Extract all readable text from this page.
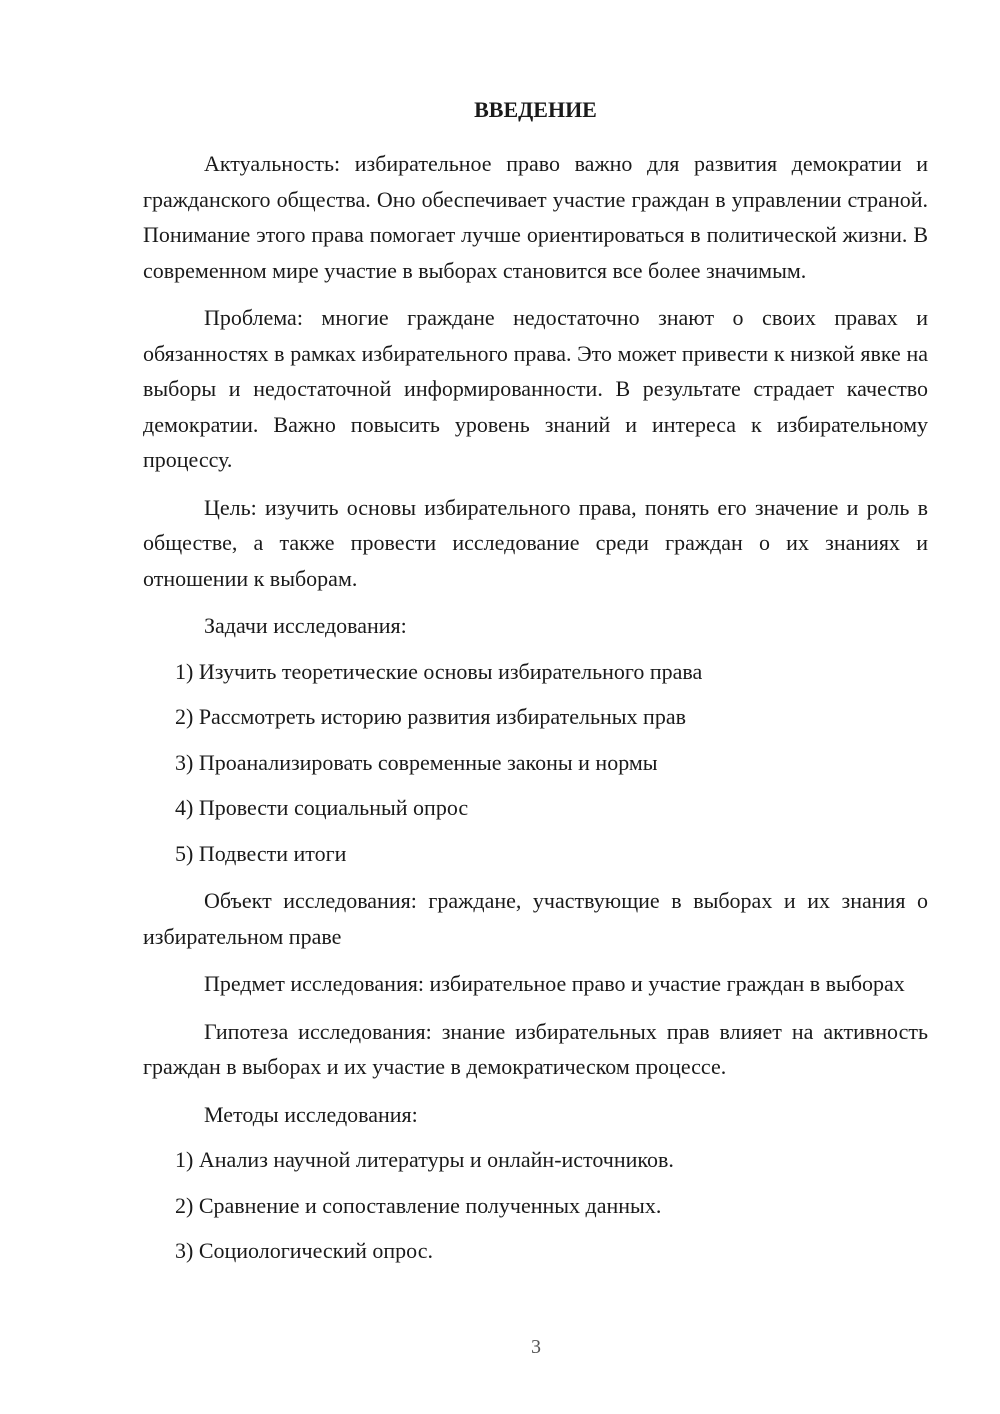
ВВЕДЕНИЕ

Актуальность: избирательное право важно для развития демократии и гражданского общества. Оно обеспечивает участие граждан в управлении страной. Понимание этого права помогает лучше ориентироваться в политической жизни. В современном мире участие в выборах становится все более значимым.

Проблема: многие граждане недостаточно знают о своих правах и обязанностях в рамках избирательного права. Это может привести к низкой явке на выборы и недостаточной информированности. В результате страдает качество демократии. Важно повысить уровень знаний и интереса к избирательному процессу.

Цель: изучить основы избирательного права, понять его значение и роль в обществе, а также провести исследование среди граждан о их знаниях и отношении к выборам.

Задачи исследования:

1) Изучить теоретические основы избирательного права
2) Рассмотреть историю развития избирательных прав
3) Проанализировать современные законы и нормы
4) Провести социальный опрос
5) Подвести итоги

Объект исследования: граждане, участвующие в выборах и их знания о избирательном праве

Предмет исследования: избирательное право и участие граждан в выборах

Гипотеза исследования: знание избирательных прав влияет на активность граждан в выборах и их участие в демократическом процессе.

Методы исследования:

1) Анализ научной литературы и онлайн-источников.
2) Сравнение и сопоставление полученных данных.
3) Социологический опрос.
3
